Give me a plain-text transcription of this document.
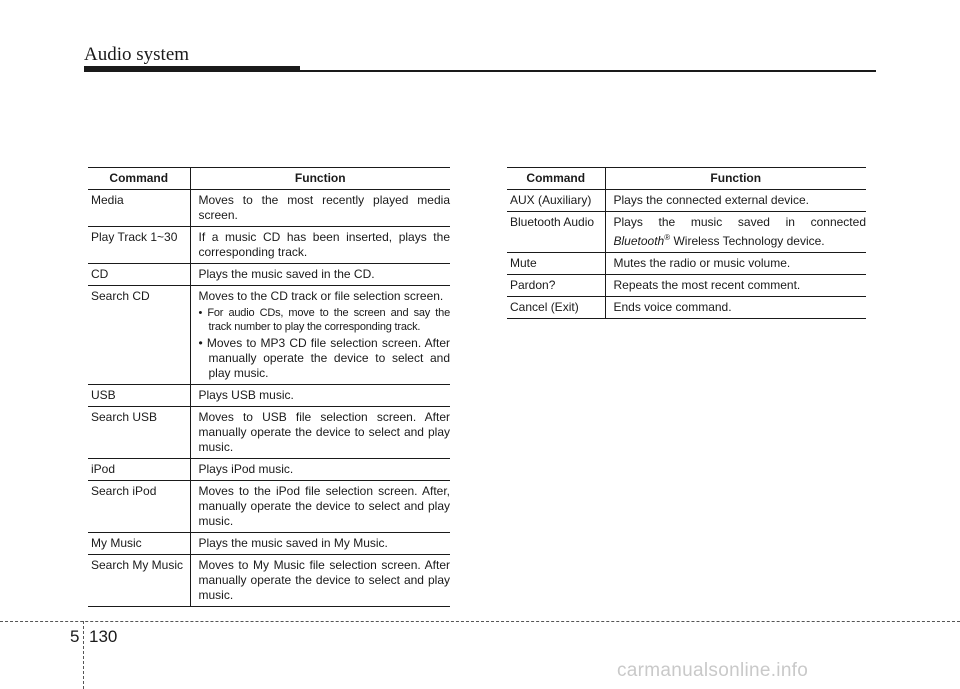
Audio system
Command	Function
Media	Moves to the most recently played media screen.
Play Track 1~30	If a music CD has been inserted, plays the corresponding track.
CD	Plays the music saved in the CD.
Search CD	Moves to the CD track or file selection screen.
• For audio CDs, move to the screen and say the track number to play the corresponding track.
• Moves to MP3 CD file selection screen. After manually operate the device to select and play music.

USB	Plays USB music.
Search USB	Moves to USB file selection screen. After manually operate the device to select and play music.
iPod	Plays iPod music.
Search iPod	Moves to the iPod file selection screen. After, manually operate the device to select and play music.
My Music	Plays the music saved in My Music.
Search My Music	Moves to My Music file selection screen. After manually operate the device to select and play music.
Command	Function
AUX (Auxiliary)	Plays the connected external device.
Bluetooth Audio	Plays the music saved in connected
Bluetooth® Wireless Technology device.

Mute	Mutes the radio or music volume.
Pardon?	Repeats the most recent comment.
Cancel (Exit)	Ends voice command.
5 130
carmanualsonline.info
